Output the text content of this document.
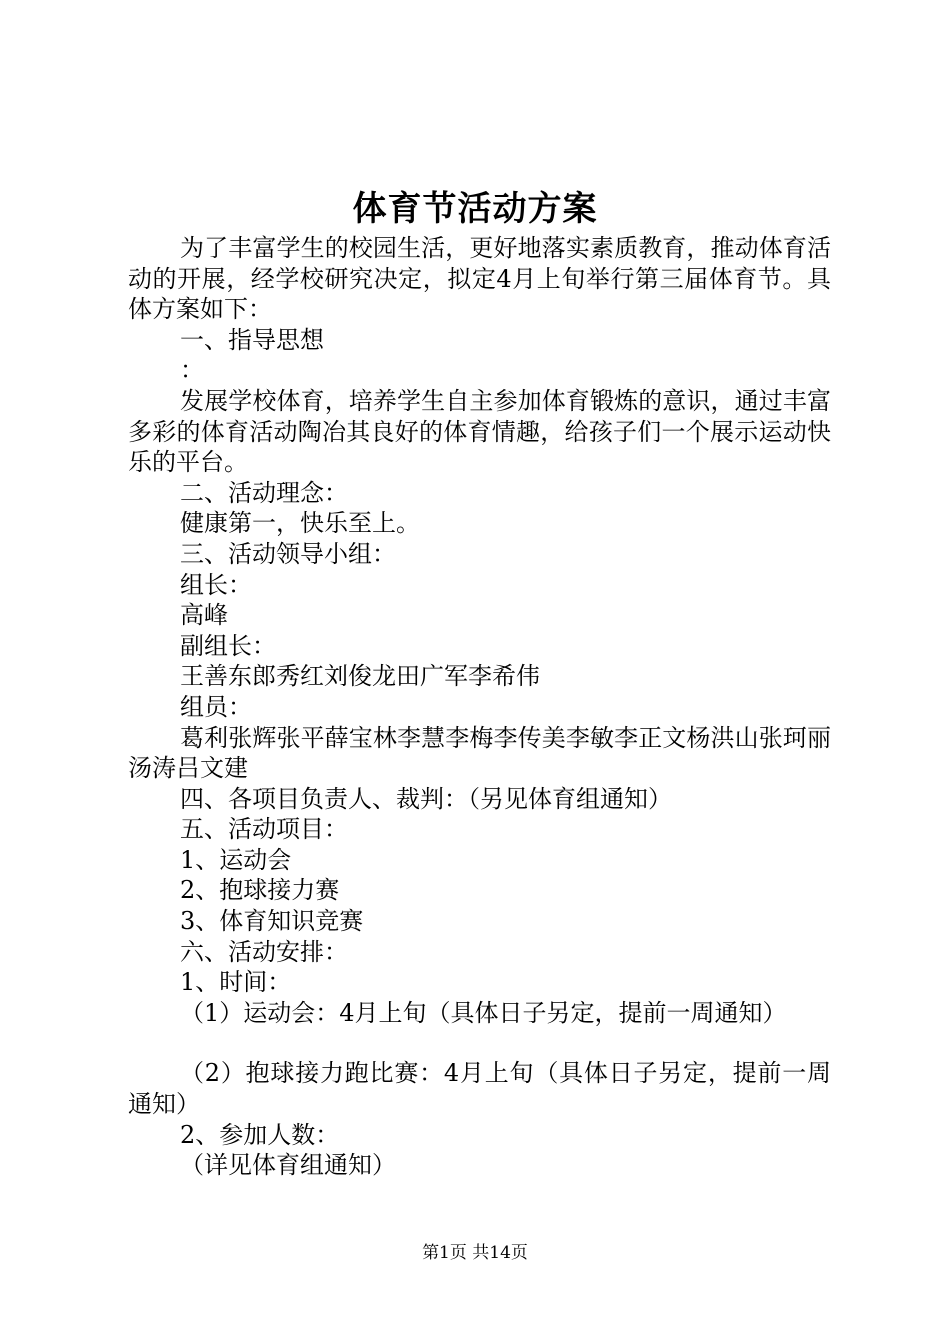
体育节活动方案

为了丰富学生的校园生活，更好地落实素质教育，推动体育活动的开展，经学校研究决定，拟定4月上旬举行第三届体育节。具体方案如下：

一、指导思想

：

发展学校体育，培养学生自主参加体育锻炼的意识，通过丰富多彩的体育活动陶冶其良好的体育情趣，给孩子们一个展示运动快乐的平台。

二、活动理念：

健康第一，快乐至上。

三、活动领导小组：

组长：

高峰

副组长：

王善东郎秀红刘俊龙田广军李希伟

组员：

葛利张辉张平薛宝林李慧李梅李传美李敏李正文杨洪山张珂丽汤涛吕文建

四、各项目负责人、裁判：（另见体育组通知）

五、活动项目：

1、运动会

2、抱球接力赛

3、体育知识竞赛

六、活动安排：

1、时间：

（1）运动会：4月上旬（具体日子另定，提前一周通知）

（2）抱球接力跑比赛：4月上旬（具体日子另定，提前一周通知）

2、参加人数：

（详见体育组通知）

第1页 共14页
